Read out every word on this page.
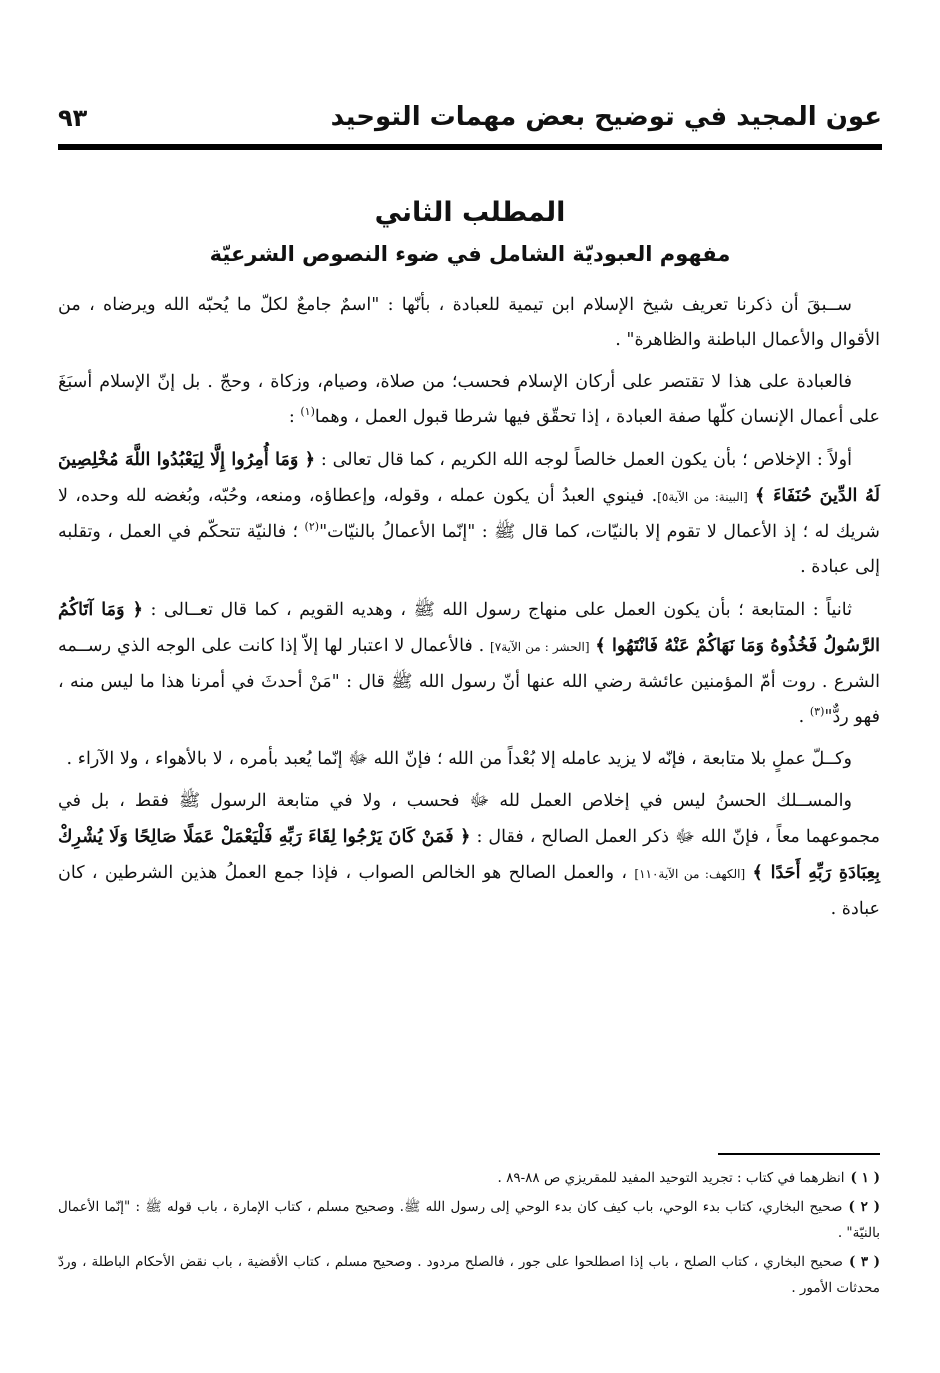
عون المجيد في توضيح بعض مهمات التوحيد
٩٣
المطلب الثاني
مفهوم العبوديّة الشامل في ضوء النصوص الشرعيّة

ســبقَ أن ذكرنا تعريف شيخ الإسلام ابن تيمية للعبادة ، بأنّها : "اسمٌ جامعٌ لكلّ ما يُحبّه الله ويرضاه ، من الأقوال والأعمال الباطنة والظاهرة" .

فالعبادة على هذا لا تقتصر على أركان الإسلام فحسب؛ من صلاة، وصيام، وزكاة ، وحجّ . بل إنّ الإسلام أسبَغَ على أعمال الإنسان كلّها صفة العبادة ، إذا تحقّق فيها شرطا قبول العمل ، وهما$^{(١)}$ :

أولاً : الإخلاص ؛ بأن يكون العمل خالصاً لوجه الله الكريم ، كما قال تعالى : ﴿ وَمَا أُمِرُوا إِلَّا لِيَعْبُدُوا اللَّهَ مُخْلِصِينَ لَهُ الدِّينَ حُنَفَاءَ ﴾ [البينة: من الآية٥]. فينوي العبدُ أن يكون عمله ، وقوله، وإعطاؤه، ومنعه، وحُبّه، وبُغضه لله وحده، لا شريك له ؛ إذ الأعمال لا تقوم إلا بالنيّات، كما قال ﷺ : "إنّما الأعمالُ بالنيّات"$^{(٢)}$ ؛ فالنيّة تتحكّم في العمل ، وتقلبه إلى عبادة .

ثانياً : المتابعة ؛ بأن يكون العمل على منهاج رسول الله ﷺ ، وهديه القويم ، كما قال تعــالى : ﴿ وَمَا آتَاكُمُ الرَّسُولُ فَخُذُوهُ وَمَا نَهَاكُمْ عَنْهُ فَانْتَهُوا ﴾ [الحشر : من الآية٧] . فالأعمال لا اعتبار لها إلاّ إذا كانت على الوجه الذي رســمه الشرع . روت أمّ المؤمنين عائشة رضي الله عنها أنّ رسول الله ﷺ قال : "مَنْ أحدثَ في أمرنا هذا ما ليس منه ، فهو ردٌّ"$^{(٣)}$ .

وكــلّ عملٍ بلا متابعة ، فإنّه لا يزيد عامله إلا بُعْداً من الله ؛ فإنّ الله ﷻ إنّما يُعبد بأمره ، لا بالأهواء ، ولا الآراء .

والمســلك الحسنُ ليس في إخلاص العمل لله ﷻ فحسب ، ولا في متابعة الرسول ﷺ فقط ، بل في مجموعهما معاً ، فإنّ الله ﷻ ذكر العمل الصالح ، فقال : ﴿ فَمَنْ كَانَ يَرْجُوا لِقَاءَ رَبِّهِ فَلْيَعْمَلْ عَمَلًا صَالِحًا وَلَا يُشْرِكْ بِعِبَادَةِ رَبِّهِ أَحَدًا ﴾ [الكهف: من الآية١١٠] ، والعمل الصالح هو الخالص الصواب ، فإذا جمع العملُ هذين الشرطين ، كان عبادة .

( ١ )انظرهما في كتاب : تجريد التوحيد المفيد للمقريزي ص ٨٨-٨٩ .

( ٢ )صحيح البخاري، كتاب بدء الوحي، باب كيف كان بدء الوحي إلى رسول الله ﷺ. وصحيح مسلم ، كتاب الإمارة ، باب قوله ﷺ : "إنّما الأعمال بالنيّة" .

( ٣ )صحيح البخاري ، كتاب الصلح ، باب إذا اصطلحوا على جور ، فالصلح مردود . وصحيح مسلم ، كتاب الأقضية ، باب نقض الأحكام الباطلة ، وردّ محدثات الأمور .
